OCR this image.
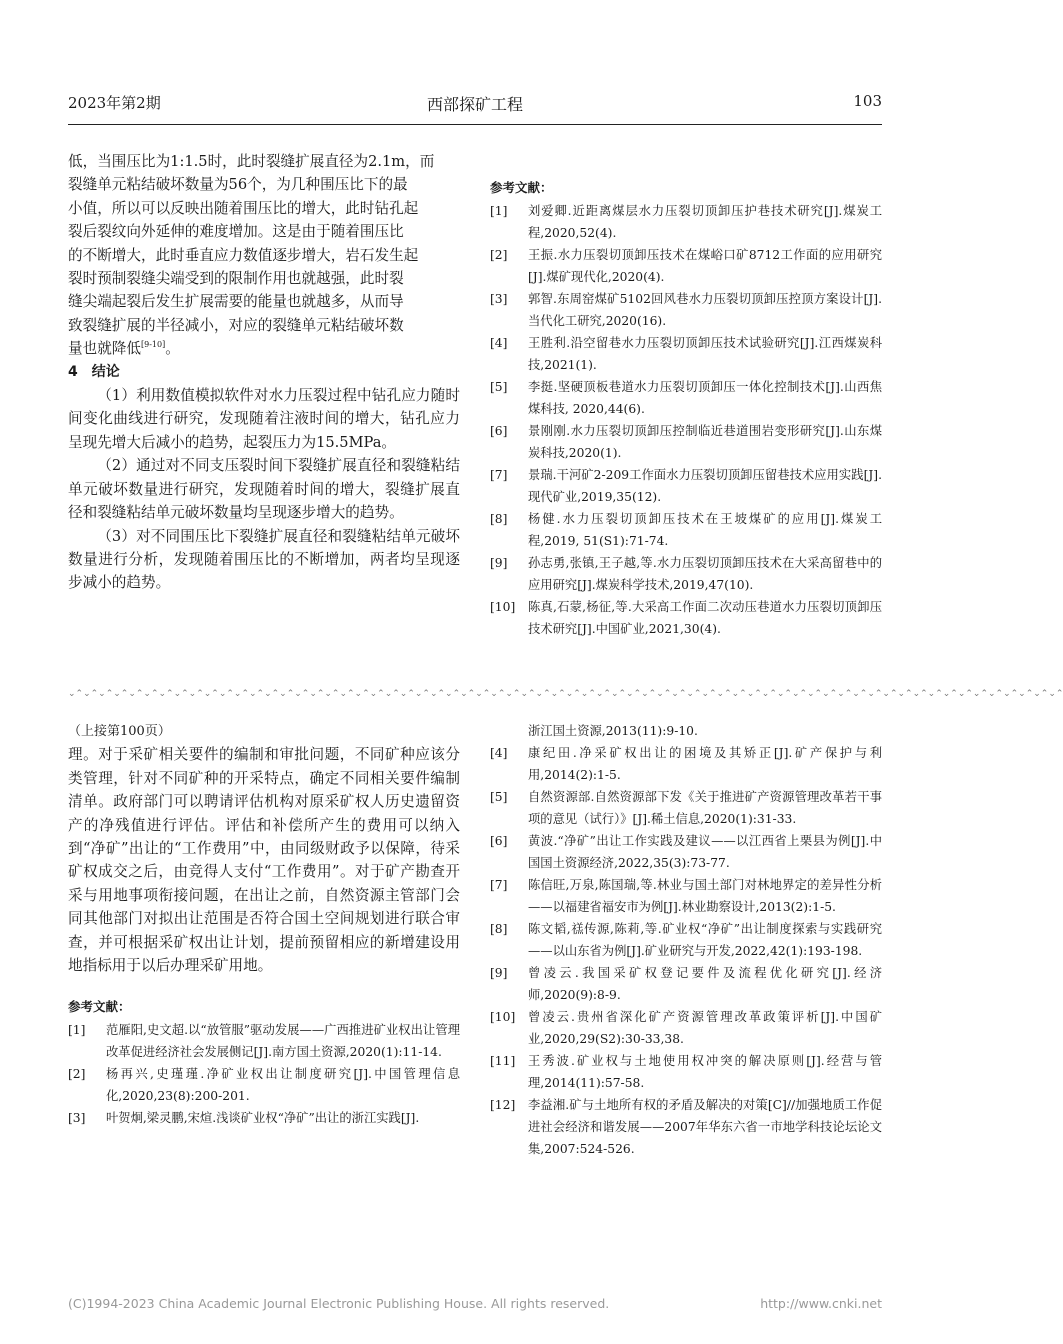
2023年第2期	西部探矿工程	103

低，当围压比为1:1.5时，此时裂缝扩展直径为2.1m，而

裂缝单元粘结破坏数量为56个，为几种围压比下的最

小值，所以可以反映出随着围压比的增大，此时钻孔起

裂后裂纹向外延伸的难度增加。这是由于随着围压比

的不断增大，此时垂直应力数值逐步增大，岩石发生起

裂时预制裂缝尖端受到的限制作用也就越强，此时裂

缝尖端起裂后发生扩展需要的能量也就越多，从而导

致裂缝扩展的半径减小，对应的裂缝单元粘结破坏数

量也就降低[9-10]。

4　结论

（1）利用数值模拟软件对水力压裂过程中钻孔应力随时间变化曲线进行研究，发现随着注液时间的增大，钻孔应力呈现先增大后减小的趋势，起裂压力为15.5MPa。

（2）通过对不同支压裂时间下裂缝扩展直径和裂缝粘结单元破坏数量进行研究，发现随着时间的增大，裂缝扩展直径和裂缝粘结单元破坏数量均呈现逐步增大的趋势。

（3）对不同围压比下裂缝扩展直径和裂缝粘结单元破坏数量进行分析，发现随着围压比的不断增加，两者均呈现逐步减小的趋势。

参考文献：

[1]	刘爱卿.近距离煤层水力压裂切顶卸压护巷技术研究[J].煤炭工程,2020,52(4).
[2]	王振.水力压裂切顶卸压技术在煤峪口矿8712工作面的应用研究[J].煤矿现代化,2020(4).
[3]	郭智.东周窑煤矿5102回风巷水力压裂切顶卸压控顶方案设计[J].当代化工研究,2020(16).
[4]	王胜利.沿空留巷水力压裂切顶卸压技术试验研究[J].江西煤炭科技,2021(1).
[5]	李挺.坚硬顶板巷道水力压裂切顶卸压一体化控制技术[J].山西焦煤科技, 2020,44(6).
[6]	景刚刚.水力压裂切顶卸压控制临近巷道围岩变形研究[J].山东煤炭科技,2020(1).
[7]	景瑞.干河矿2-209工作面水力压裂切顶卸压留巷技术应用实践[J].现代矿业,2019,35(12).
[8]	杨健.水力压裂切顶卸压技术在王坡煤矿的应用[J].煤炭工程,2019, 51(S1):71-74.
[9]	孙志勇,张镇,王子越,等.水力压裂切顶卸压技术在大采高留巷中的应用研究[J].煤炭科学技术,2019,47(10).
[10]	陈真,石蒙,杨征,等.大采高工作面二次动压巷道水力压裂切顶卸压技术研究[J].中国矿业,2021,30(4).
⌄⌃⌄⌃⌄⌃⌄⌃⌄⌃⌄⌃⌄⌃⌄⌃⌄⌃⌄⌃⌄⌃⌄⌃⌄⌃⌄⌃⌄⌃⌄⌃⌄⌃⌄⌃⌄⌃⌄⌃⌄⌃⌄⌃⌄⌃⌄⌃⌄⌃⌄⌃⌄⌃⌄⌃⌄⌃⌄⌃⌄⌃⌄⌃⌄⌃⌄⌃⌄⌃⌄⌃⌄⌃⌄⌃⌄⌃⌄⌃⌄⌃⌄⌃⌄⌃⌄⌃⌄⌃⌄⌃⌄⌃⌄⌃⌄⌃⌄⌃⌄⌃⌄⌃⌄⌃⌄⌃⌄⌃⌄⌃⌄⌃⌄⌃⌄⌃⌄⌃⌄⌃⌄⌃⌄⌃⌄⌃⌄⌃⌄⌃

（上接第100页）

理。对于采矿相关要件的编制和审批问题，不同矿种应该分类管理，针对不同矿种的开采特点，确定不同相关要件编制清单。政府部门可以聘请评估机构对原采矿权人历史遗留资产的净残值进行评估。评估和补偿所产生的费用可以纳入到“净矿”出让的“工作费用”中，由同级财政予以保障，待采矿权成交之后，由竞得人支付“工作费用”。对于矿产勘查开采与用地事项衔接问题，在出让之前，自然资源主管部门会同其他部门对拟出让范围是否符合国土空间规划进行联合审查，并可根据采矿权出让计划，提前预留相应的新增建设用地指标用于以后办理采矿用地。

参考文献：

[1]	范雁阳,史文超.以“放管服”驱动发展——广西推进矿业权出让管理改革促进经济社会发展侧记[J].南方国土资源,2020(1):11-14.
[2]	杨再兴,史瑾瑾.净矿业权出让制度研究[J].中国管理信息化,2020,23(8):200-201.
[3]	叶贺炯,梁灵鹏,宋煊.浅谈矿业权“净矿”出让的浙江实践[J].
浙江国土资源,2013(11):9-10.
[4]	康纪田.净采矿权出让的困境及其矫正[J].矿产保护与利用,2014(2):1-5.
[5]	自然资源部.自然资源部下发《关于推进矿产资源管理改革若干事项的意见（试行）》[J].稀土信息,2020(1):31-33.
[6]	黄波.“净矿”出让工作实践及建议——以江西省上栗县为例[J].中国国土资源经济,2022,35(3):73-77.
[7]	陈信旺,万泉,陈国瑞,等.林业与国土部门对林地界定的差异性分析——以福建省福安市为例[J].林业勘察设计,2013(2):1-5.
[8]	陈文韬,禚传源,陈莉,等.矿业权“净矿”出让制度探索与实践研究——以山东省为例[J].矿业研究与开发,2022,42(1):193-198.
[9]	曾凌云.我国采矿权登记要件及流程优化研究[J].经济师,2020(9):8-9.
[10]	曾凌云.贵州省深化矿产资源管理改革政策评析[J].中国矿业,2020,29(S2):30-33,38.
[11]	王秀波.矿业权与土地使用权冲突的解决原则[J].经营与管理,2014(11):57-58.
[12]	李益湘.矿与土地所有权的矛盾及解决的对策[C]//加强地质工作促进社会经济和谐发展——2007年华东六省一市地学科技论坛论文集,2007:524-526.
(C)1994-2023 China Academic Journal Electronic Publishing House. All rights reserved.	http://www.cnki.net
